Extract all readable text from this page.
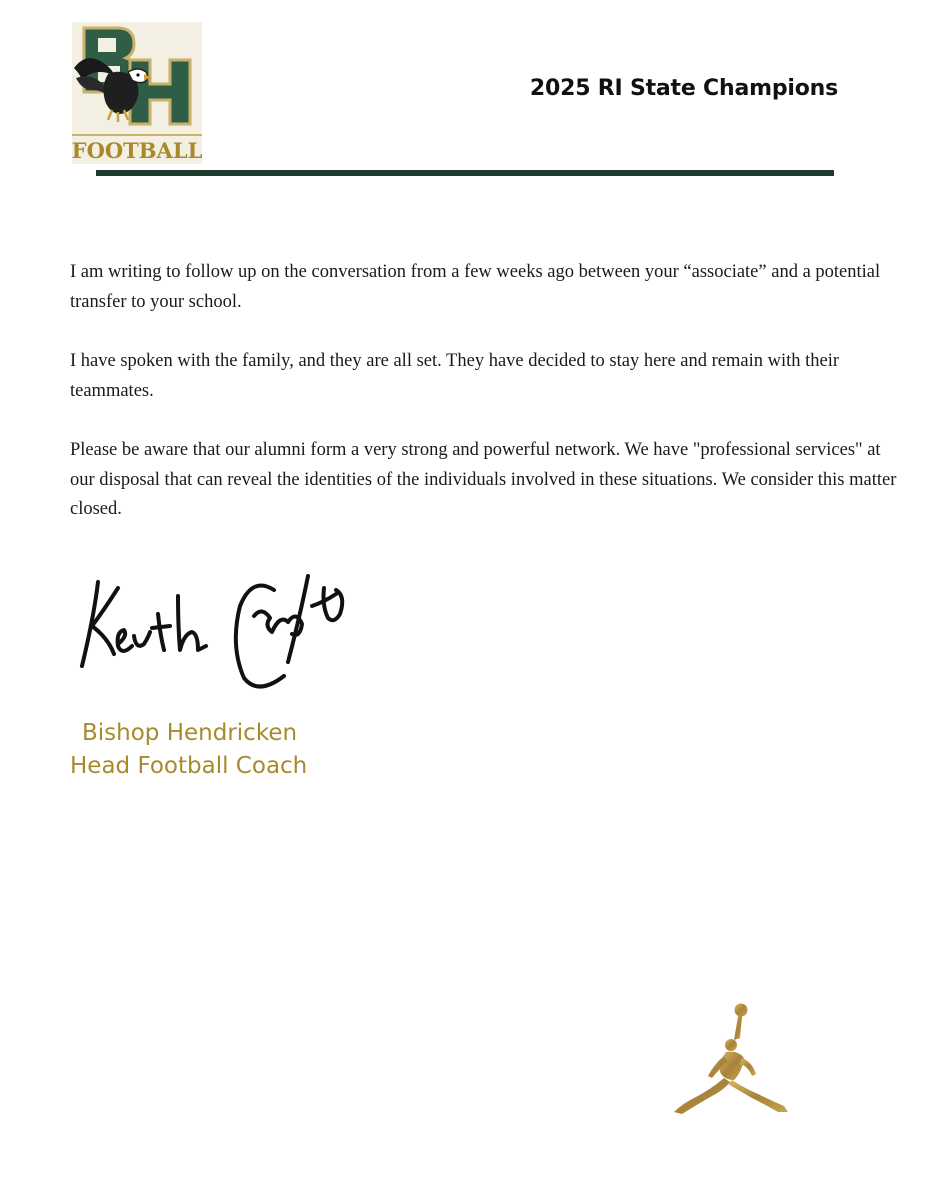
FOOTBALL
2025 RI State Champions

I am writing to follow up on the conversation from a few weeks ago between your “associate” and a potential transfer to your school.

I have spoken with the family, and they are all set. They have decided to stay here and remain with their teammates.

Please be aware that our alumni form a very strong and powerful network. We have "professional services" at our disposal that can reveal the identities of the individuals involved in these situations. We consider this matter closed.

Bishop Hendricken
Head Football Coach
